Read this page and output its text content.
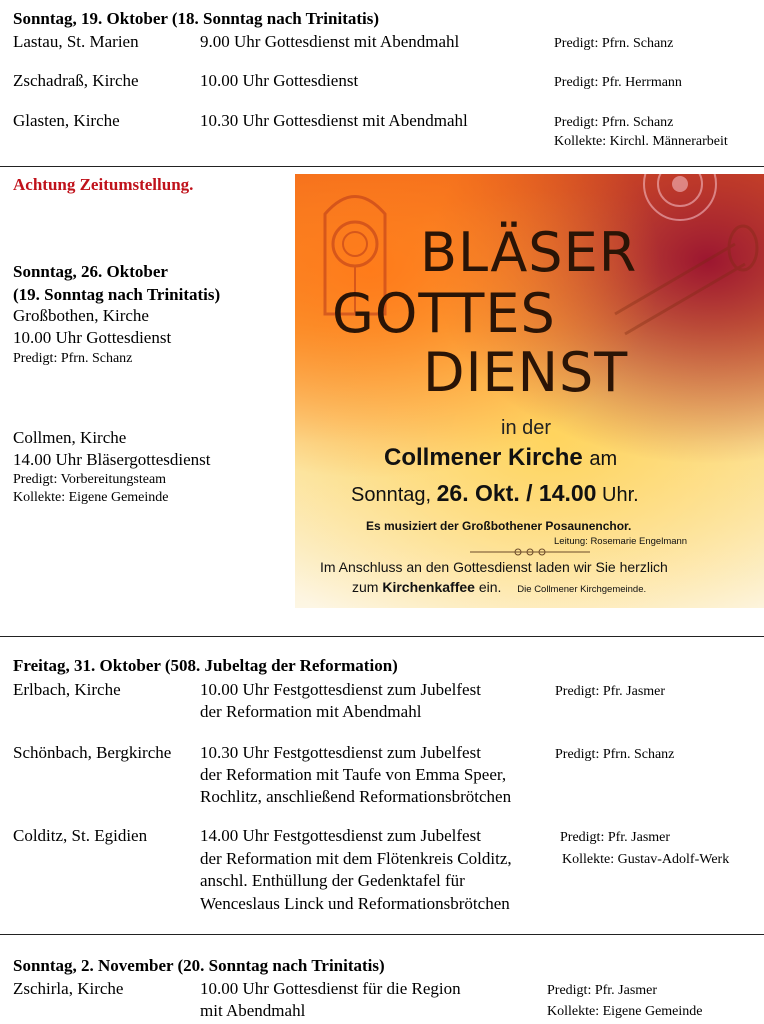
Sonntag, 19. Oktober (18. Sonntag nach Trinitatis)
Lastau, St. Marien	9.00 Uhr Gottesdienst mit Abendmahl	Predigt: Pfrn. Schanz
Zschadraß, Kirche	10.00 Uhr Gottesdienst	Predigt: Pfr. Herrmann
Glasten, Kirche	10.30 Uhr Gottesdienst mit Abendmahl	Predigt: Pfrn. Schanz
Kollekte: Kirchl. Männerarbeit
Achtung Zeitumstellung.
Sonntag, 26. Oktober
(19. Sonntag nach Trinitatis)
Großbothen, Kirche
10.00 Uhr Gottesdienst
Predigt: Pfrn. Schanz
Collmen, Kirche
14.00 Uhr Bläsergottesdienst
Predigt: Vorbereitungsteam
Kollekte: Eigene Gemeinde
BLÄSER
GOTTES
DIENST
in der
Collmener Kirche am
Sonntag, 26. Okt. / 14.00 Uhr.
Es musiziert der Großbothener Posaunenchor.
Leitung: Rosemarie Engelmann
Im Anschluss an den Gottesdienst laden wir Sie herzlich
zum Kirchenkaffee ein. Die Collmener Kirchgemeinde.
Freitag, 31. Oktober (508. Jubeltag der Reformation)
Erlbach, Kirche	10.00 Uhr Festgottesdienst zum Jubelfest
der Reformation mit Abendmahl
Predigt: Pfr. Jasmer
Schönbach, Bergkirche 10.30 Uhr Festgottesdienst zum Jubelfest
der Reformation mit Taufe von Emma Speer,
Rochlitz, anschließend Reformationsbrötchen
Predigt: Pfrn. Schanz
Colditz, St. Egidien	14.00 Uhr Festgottesdienst zum Jubelfest
der Reformation mit dem Flötenkreis Colditz,
anschl. Enthüllung der Gedenktafel für
Wenceslaus Linck und Reformationsbrötchen
Predigt: Pfr. Jasmer
Kollekte: Gustav-Adolf-Werk
Sonntag, 2. November (20. Sonntag nach Trinitatis)
Zschirla, Kirche	10.00 Uhr Gottesdienst für die Region
mit Abendmahl
Predigt: Pfr. Jasmer
Kollekte: Eigene Gemeinde
